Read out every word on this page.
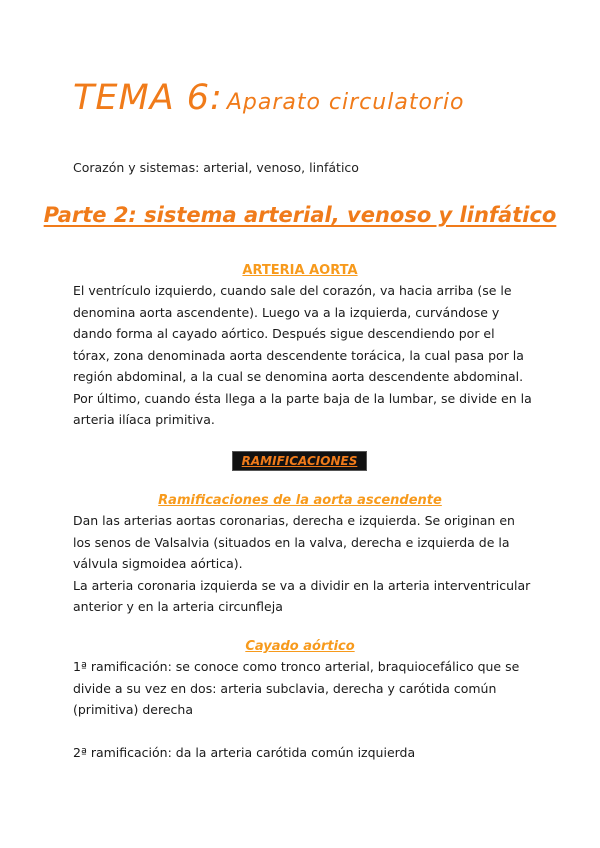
TEMA 6: Aparato circulatorio
Corazón y sistemas: arterial, venoso, linfático
Parte 2: sistema arterial, venoso y linfático
ARTERIA AORTA

El ventrículo izquierdo, cuando sale del corazón, va hacia arriba (se le denomina aorta ascendente). Luego va a la izquierda, curvándose y dando forma al cayado aórtico. Después sigue descendiendo por el tórax, zona denominada aorta descendente torácica, la cual pasa por la región abdominal, a la cual se denomina aorta descendente abdominal. Por último, cuando ésta llega a la parte baja de la lumbar, se divide en la arteria ilíaca primitiva.

RAMIFICACIONES
Ramificaciones de la aorta ascendente

Dan las arterias aortas coronarias, derecha e izquierda. Se originan en los senos de Valsalvia (situados en la valva, derecha e izquierda de la válvula sigmoidea aórtica).

La arteria coronaria izquierda se va a dividir en la arteria interventricular anterior y en la arteria circunfleja

Cayado aórtico

1ª ramificación: se conoce como tronco arterial, braquiocefálico que se divide a su vez en dos: arteria subclavia, derecha y carótida común (primitiva) derecha

2ª ramificación: da la arteria carótida común izquierda
